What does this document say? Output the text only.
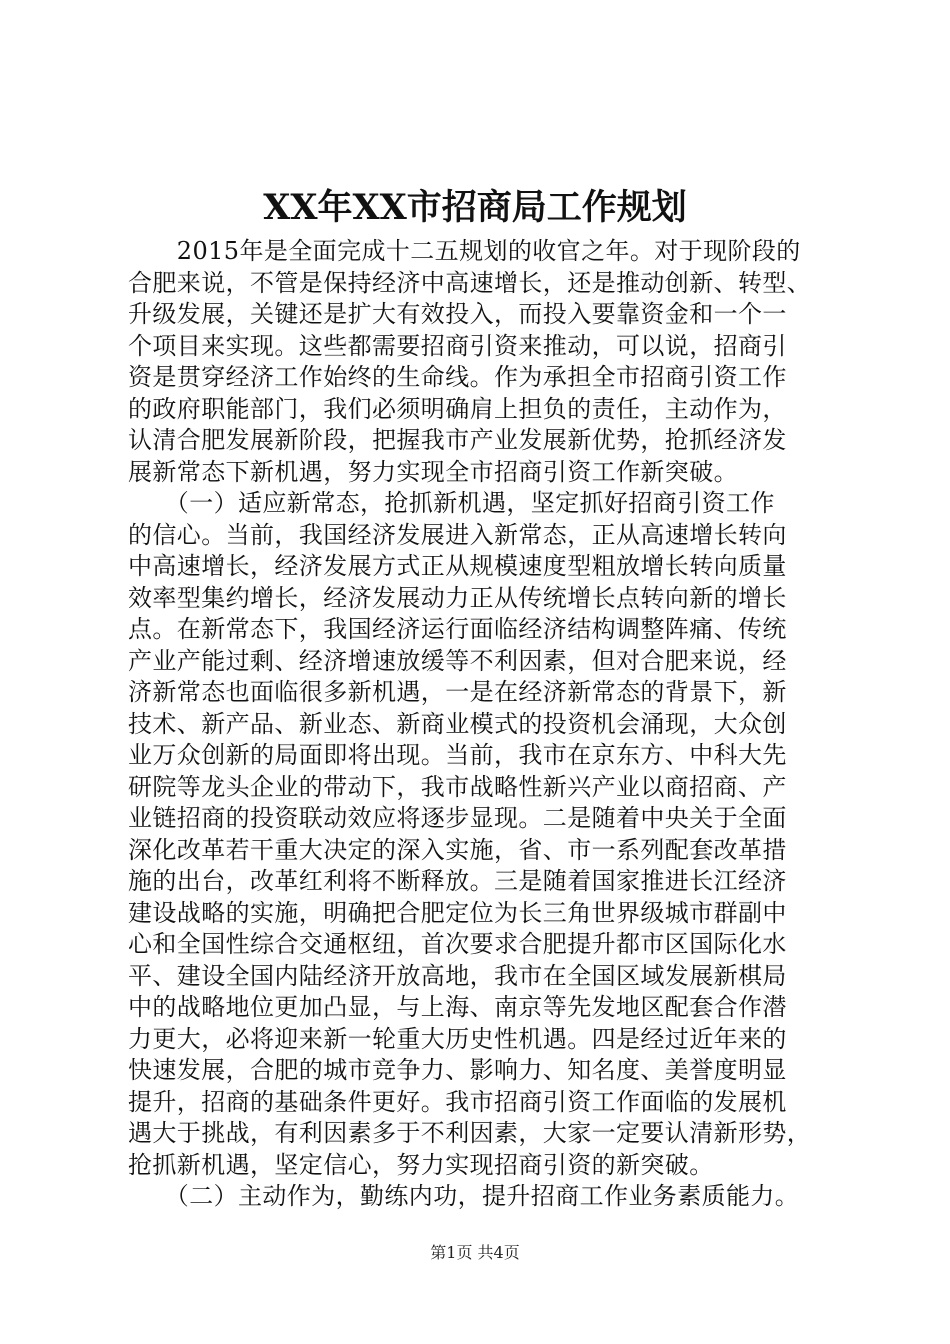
XX年XX市招商局工作规划
　　2015年是全面完成十二五规划的收官之年。对于现阶段的
合肥来说，不管是保持经济中高速增长，还是推动创新、转型、
升级发展，关键还是扩大有效投入，而投入要靠资金和一个一
个项目来实现。这些都需要招商引资来推动，可以说，招商引
资是贯穿经济工作始终的生命线。作为承担全市招商引资工作
的政府职能部门，我们必须明确肩上担负的责任，主动作为，
认清合肥发展新阶段，把握我市产业发展新优势，抢抓经济发
展新常态下新机遇，努力实现全市招商引资工作新突破。
　　（一）适应新常态，抢抓新机遇，坚定抓好招商引资工作
的信心。当前，我国经济发展进入新常态，正从高速增长转向
中高速增长，经济发展方式正从规模速度型粗放增长转向质量
效率型集约增长，经济发展动力正从传统增长点转向新的增长
点。在新常态下，我国经济运行面临经济结构调整阵痛、传统
产业产能过剩、经济增速放缓等不利因素，但对合肥来说，经
济新常态也面临很多新机遇，一是在经济新常态的背景下，新
技术、新产品、新业态、新商业模式的投资机会涌现，大众创
业万众创新的局面即将出现。当前，我市在京东方、中科大先
研院等龙头企业的带动下，我市战略性新兴产业以商招商、产
业链招商的投资联动效应将逐步显现。二是随着中央关于全面
深化改革若干重大决定的深入实施，省、市一系列配套改革措
施的出台，改革红利将不断释放。三是随着国家推进长江经济
建设战略的实施，明确把合肥定位为长三角世界级城市群副中
心和全国性综合交通枢纽，首次要求合肥提升都市区国际化水
平、建设全国内陆经济开放高地，我市在全国区域发展新棋局
中的战略地位更加凸显，与上海、南京等先发地区配套合作潜
力更大，必将迎来新一轮重大历史性机遇。四是经过近年来的
快速发展，合肥的城市竞争力、影响力、知名度、美誉度明显
提升，招商的基础条件更好。我市招商引资工作面临的发展机
遇大于挑战，有利因素多于不利因素，大家一定要认清新形势，
抢抓新机遇，坚定信心，努力实现招商引资的新突破。
　　（二）主动作为，勤练内功，提升招商工作业务素质能力。
第1页 共4页
